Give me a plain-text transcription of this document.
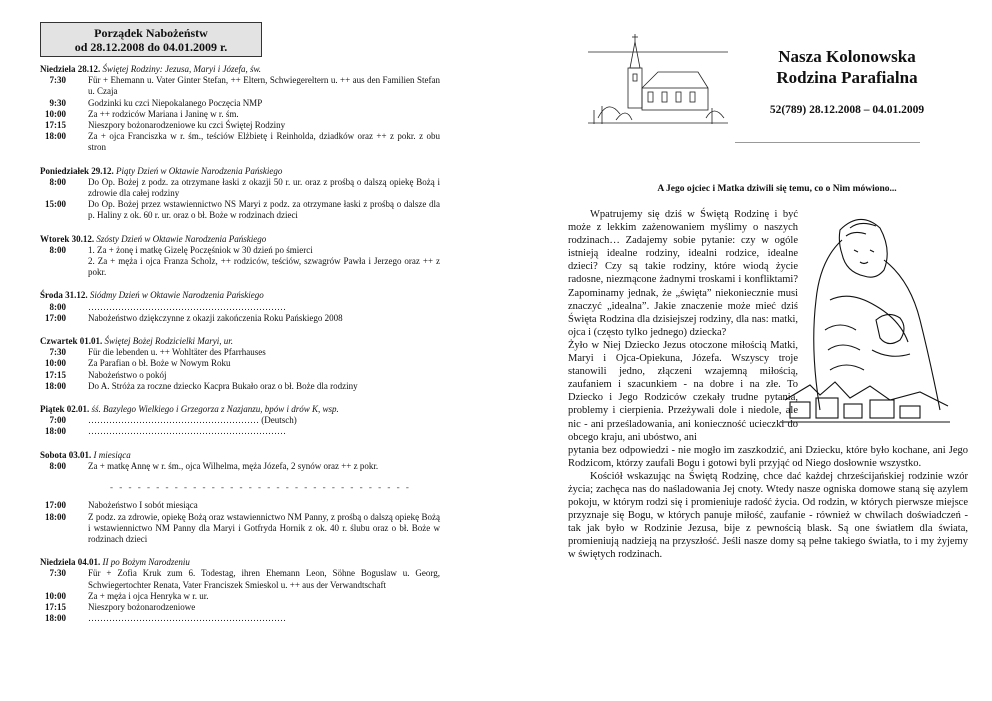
Porządek Nabożeństw
od 28.12.2008 do 04.01.2009 r.
Niedziela 28.12. Świętej Rodziny: Jezusa, Maryi i Józefa, św.
7:30 Für + Ehemann u. Vater Ginter Stefan, ++ Eltern, Schwiegereltern u. ++ aus den Familien Stefan u. Czaja
9:30 Godzinki ku czci Niepokalanego Poczęcia NMP
10:00 Za ++ rodziców Mariana i Janinę w r. śm.
17:15 Nieszpory bożonarodzeniowe ku czci Świętej Rodziny
18:00 Za + ojca Franciszka w r. śm., teściów Elżbietę i Reinholda, dziadków oraz ++ z pokr. z obu stron
Poniedziałek 29.12. Piąty Dzień w Oktawie Narodzenia Pańskiego
8:00 Do Op. Bożej z podz. za otrzymane łaski z okazji 50 r. ur. oraz z prośbą o dalszą opiekę Bożą i zdrowie dla całej rodziny
15:00 Do Op. Bożej przez wstawiennictwo NS Maryi z podz. za otrzymane łaski z prośbą o dalsze dla p. Haliny z ok. 60 r. ur. oraz o bł. Boże w rodzinach dzieci
Wtorek 30.12. Szósty Dzień w Oktawie Narodzenia Pańskiego
8:00 1. Za + żonę i matkę Gizelę Poczęśniok w 30 dzień po śmierci
2. Za + męża i ojca Franza Scholz, ++ rodziców, teściów, szwagrów Pawła i Jerzego oraz ++ z pokr.
Środa 31.12. Siódmy Dzień w Oktawie Narodzenia Pańskiego
8:00 …………………………………………………………
17:00 Nabożeństwo dziękczynne z okazji zakończenia Roku Pańskiego 2008
Czwartek 01.01. Świętej Bożej Rodzicielki Maryi, ur.
7:30 Für die lebenden u. ++ Wohltäter des Pfarrhauses
10:00 Za Parafian o bł. Boże w Nowym Roku
17:15 Nabożeństwo o pokój
18:00 Do A. Stróża za roczne dziecko Kacpra Bukało oraz o bł. Boże dla rodziny
Piątek 02.01. śś. Bazylego Wielkiego i Grzegorza z Nazjanzu, bpów i drów K, wsp.
7:00 ………………………………………………… (Deutsch)
18:00 …………………………………………………………
Sobota 03.01. I miesiąca
8:00 Za + matkę Annę w r. śm., ojca Wilhelma, męża Józefa, 2 synów oraz ++ z pokr.
- - - - - - - - - - - - - - - - - - - - - - - - - - - - - - - - -
17:00 Nabożeństwo I sobót miesiąca
18:00 Z podz. za zdrowie, opiekę Bożą oraz wstawiennictwo NM Panny, z prośbą o dalszą opiekę Bożą i wstawiennictwo NM Panny dla Maryi i Gotfryda Hornik z ok. 40 r. ślubu oraz o bł. Boże w rodzinach dzieci
Niedziela 04.01. II po Bożym Narodzeniu
7:30 Für + Zofia Kruk zum 6. Todestag, ihren Ehemann Leon, Söhne Boguslaw u. Georg, Schwiegertochter Renata, Vater Franciszek Smieskol u. ++ aus der Verwandtschaft
10:00 Za + męża i ojca Henryka w r. ur.
17:15 Nieszpory bożonarodzeniowe
18:00 …………………………………………………………
Nasza Kolonowska
Rodzina Parafialna
52(789) 28.12.2008 – 04.01.2009
A Jego ojciec i Matka dziwili się temu, co o Nim mówiono...

Wpatrujemy się dziś w Świętą Rodzinę i być może z lekkim zażenowaniem myślimy o naszych rodzinach… Zadajemy sobie pytanie: czy w ogóle istnieją idealne rodziny, idealni rodzice, idealne dzieci? Czy są takie rodziny, które wiodą życie radosne, niezmącone żadnymi troskami i konfliktami? Zapominamy jednak, że „święta” niekoniecznie musi znaczyć „idealna”. Jakie znaczenie może mieć dziś Święta Rodzina dla dzisiejszej rodziny, dla nas: matki, ojca i (często tylko jednego) dziecka?

Żyło w Niej Dziecko Jezus otoczone miłością Matki, Maryi i Ojca-Opiekuna, Józefa. Wszyscy troje stanowili jedno, złączeni wzajemną miłością, zaufaniem i szacunkiem - na dobre i na złe. To Dziecko i Jego Rodziców czekały trudne pytania, problemy i cierpienia. Przeżywali dole i niedole, ale nic - ani prześladowania, ani konieczność ucieczki do obcego kraju, ani ubóstwo, ani

pytania bez odpowiedzi - nie mogło im zaszkodzić, ani Dziecku, które było kochane, ani Jego Rodzicom, którzy zaufali Bogu i gotowi byli przyjąć od Niego dosłownie wszystko.

Kościół wskazując na Świętą Rodzinę, chce dać każdej chrześcijańskiej rodzinie wzór życia; zachęca nas do naśladowania Jej cnoty. Wtedy nasze ogniska domowe staną się azylem pokoju, w którym rodzi się i promieniuje radość życia. Od rodzin, w których pierwsze miejsce przyznaje się Bogu, w których panuje miłość, zaufanie - również w chwilach doświadczeń - tak jak było w Rodzinie Jezusa, bije z pewnością blask. Są one światłem dla świata, promieniują nadzieją na przyszłość. Jeśli nasze domy są pełne takiego światła, to i my żyjemy w świętych rodzinach.
